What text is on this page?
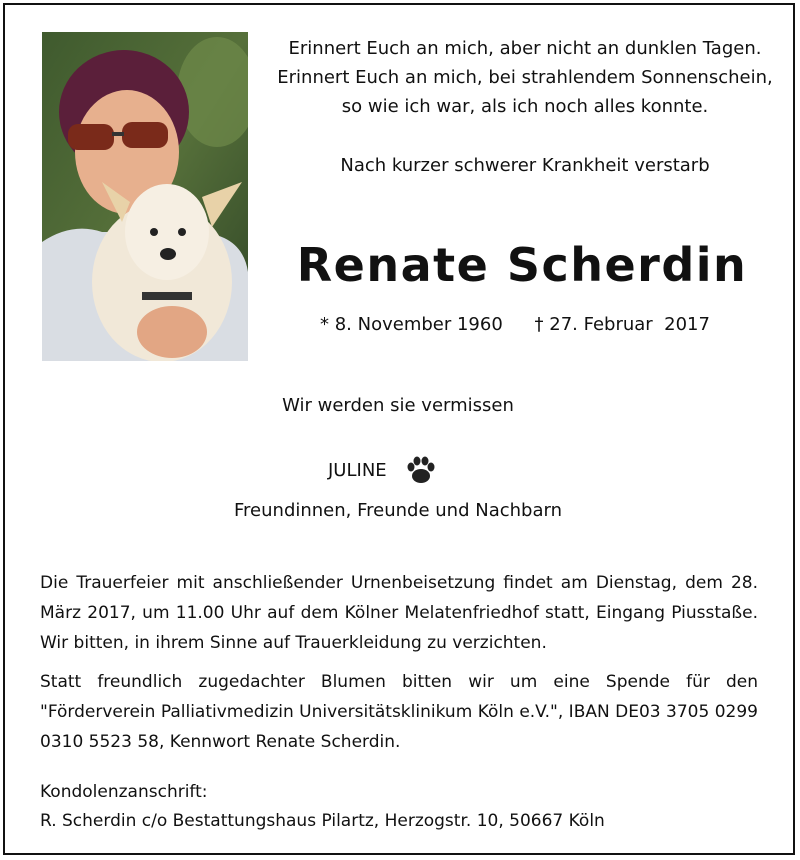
Erinnert Euch an mich, aber nicht an dunklen Tagen.
Erinnert Euch an mich, bei strahlendem Sonnenschein,
so wie ich war, als ich noch alles konnte.
Nach kurzer schwerer Krankheit verstarb
Renate Scherdin
* 8. November 1960 † 27. Februar  2017
Wir werden sie vermissen
JULINE
Freundinnen, Freunde und Nachbarn
Die Trauerfeier mit anschließender Urnenbeisetzung findet am Dienstag, dem 28. März 2017, um 11.00 Uhr auf dem Kölner Melatenfriedhof statt, Eingang Piusstaße. Wir bitten, in ihrem Sinne auf Trauerkleidung zu verzichten.
Statt freundlich zugedachter Blumen bitten wir um eine Spende für den "Förderverein Palliativmedizin Universitätsklinikum Köln e.V.", IBAN DE03 3705 0299 0310 5523 58, Kennwort Renate Scherdin.
Kondolenzanschrift:
R. Scherdin c/o Bestattungshaus Pilartz, Herzogstr. 10, 50667 Köln
